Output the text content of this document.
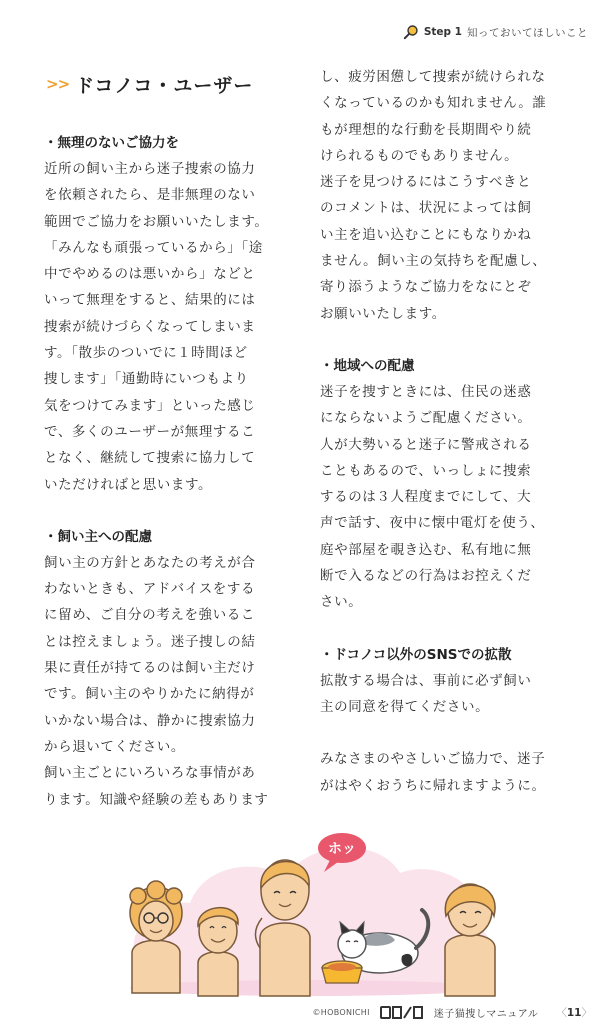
Step 1 知っておいてほしいこと
>> ドコノコ・ユーザー

・無理のないご協力を

近所の飼い主から迷子捜索の協力
を依頼されたら、是非無理のない
範囲でご協力をお願いいたします。
「みんなも頑張っているから」「途
中でやめるのは悪いから」などと
いって無理をすると、結果的には
捜索が続けづらくなってしまいま
す。「散歩のついでに１時間ほど
捜します」「通勤時にいつもより
気をつけてみます」といった感じ
で、多くのユーザーが無理するこ
となく、継続して捜索に協力して
いただければと思います。

・飼い主への配慮

飼い主の方針とあなたの考えが合
わないときも、アドバイスをする
に留め、ご自分の考えを強いるこ
とは控えましょう。迷子捜しの結
果に責任が持てるのは飼い主だけ
です。飼い主のやりかたに納得が
いかない場合は、静かに捜索協力
から退いてください。
飼い主ごとにいろいろな事情があ
ります。知識や経験の差もあります

し、疲労困憊して捜索が続けられな
くなっているのかも知れません。誰
もが理想的な行動を長期間やり続
けられるものでもありません。
迷子を見つけるにはこうすべきと
のコメントは、状況によっては飼
い主を追い込むことにもなりかね
ません。飼い主の気持ちを配慮し、
寄り添うようなご協力をなにとぞ
お願いいたします。

・地域への配慮

迷子を捜すときには、住民の迷惑
にならないようご配慮ください。
人が大勢いると迷子に警戒される
こともあるので、いっしょに捜索
するのは３人程度までにして、大
声で話す、夜中に懐中電灯を使う、
庭や部屋を覗き込む、私有地に無
断で入るなどの行為はお控えくだ
さい。

・ドコノコ以外のSNSでの拡散

拡散する場合は、事前に必ず飼い
主の同意を得てください。

みなさまのやさしいご協力で、迷子
がはやくおうちに帰れますように。

ホッ
©HOBONICHI	迷子猫捜しマニュアル 〈11〉
